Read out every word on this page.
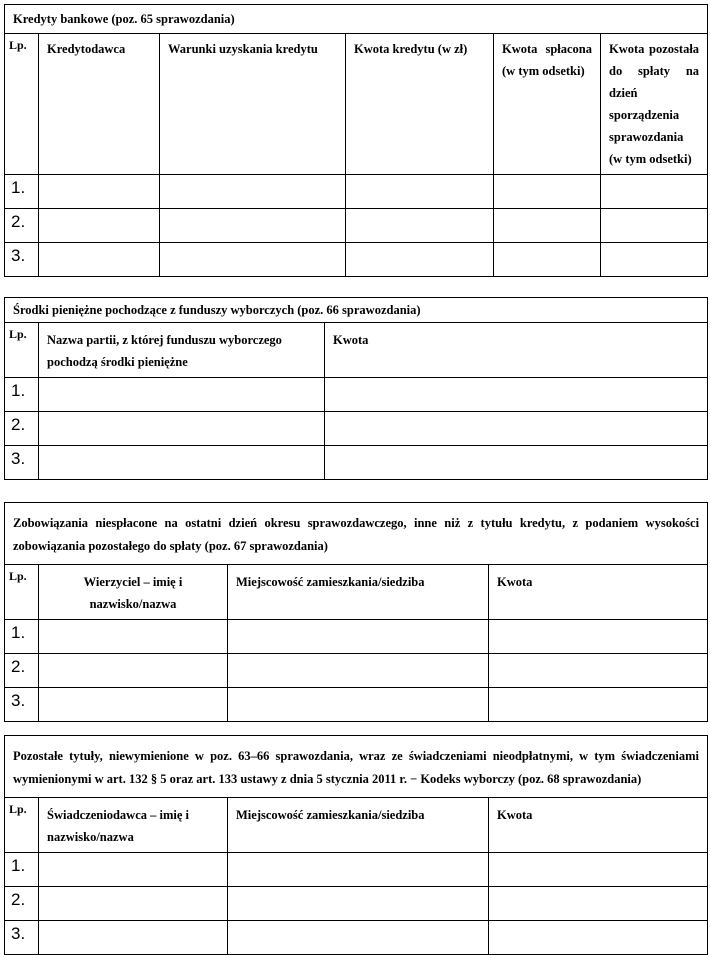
Kredyty bankowe (poz. 65 sprawozdania)					
Lp.	Kredytodawca	Warunki uzyskania kredytu	Kwota kredytu (w zł)	Kwota spłacona (w tym odsetki)	Kwota pozostała do spłaty na dzień sporządzenia sprawozdania (w tym odsetki)
1.					
2.					
3.					
Środki pieniężne pochodzące z funduszy wyborczych (poz. 66 sprawozdania)		
Lp.	Nazwa partii, z której funduszu wyborczego pochodzą środki pieniężne	Kwota
1.		
2.		
3.		
Zobowiązania niespłacone na ostatni dzień okresu sprawozdawczego, inne niż z tytułu kredytu, z podaniem wysokości zobowiązania pozostałego do spłaty (poz. 67 sprawozdania)			
Lp.	Wierzyciel – imię i nazwisko/nazwa	Miejscowość zamieszkania/siedziba	Kwota
1.			
2.			
3.			
Pozostałe tytuły, niewymienione w poz. 63–66 sprawozdania, wraz ze świadczeniami nieodpłatnymi, w tym świadczeniami wymienionymi w art. 132 § 5 oraz art. 133 ustawy z dnia 5 stycznia 2011 r. − Kodeks wyborczy (poz. 68 sprawozdania)			
Lp.	Świadczeniodawca – imię i nazwisko/nazwa	Miejscowość zamieszkania/siedziba	Kwota
1.			
2.			
3.			
